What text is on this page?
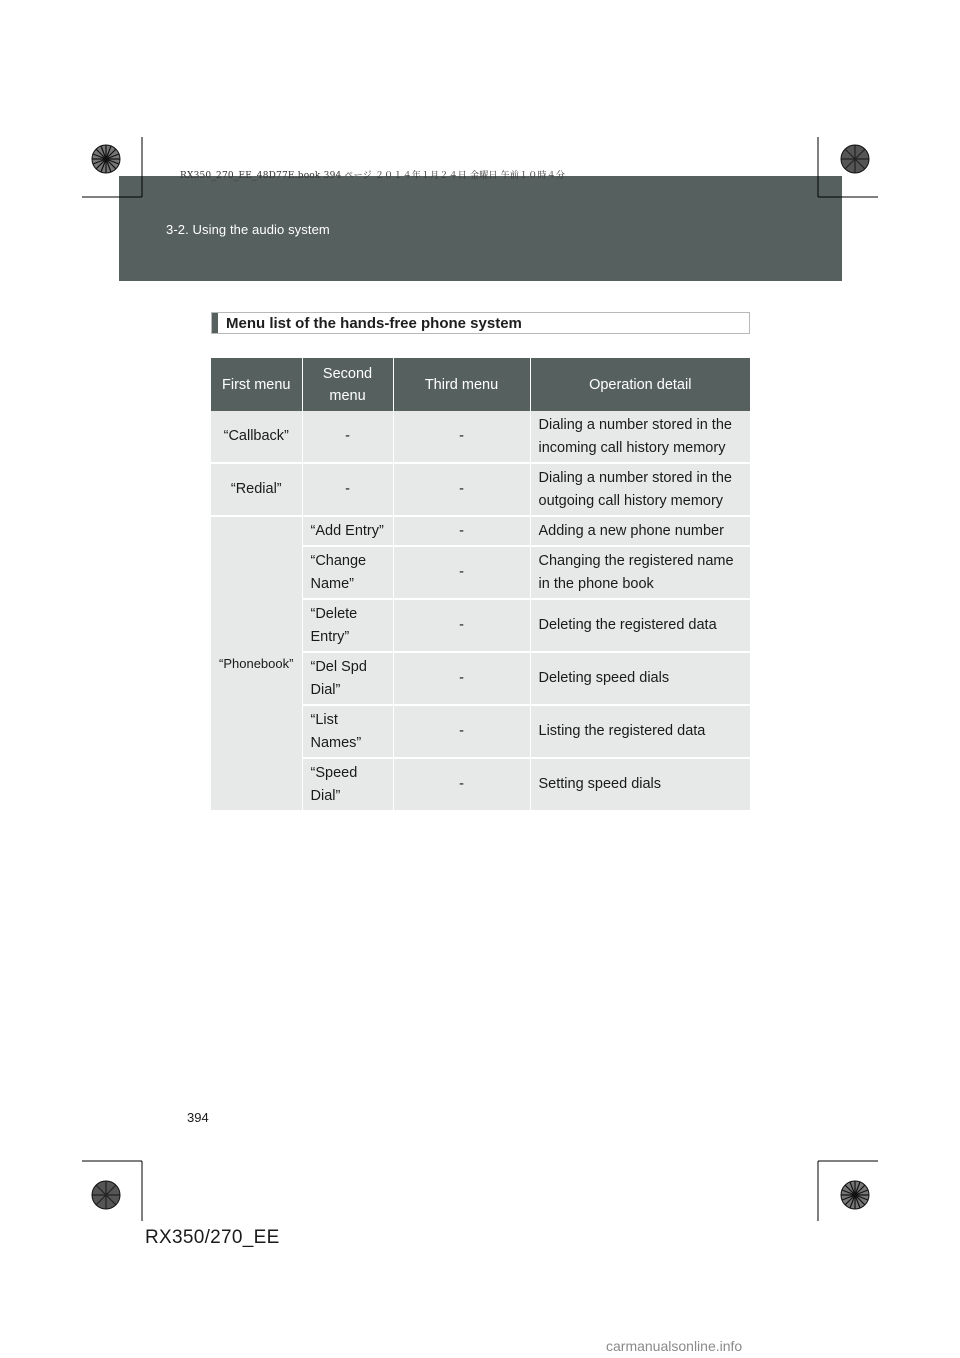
3-2. Using the audio system
RX350_270_EE_48D77E.book 394 ページ ２０１４年１月２４日 金曜日 午前１０時４分
Menu list of the hands-free phone system
First menu	Second menu	Third menu	Operation detail
“Callback”	-	-	Dialing a number stored in the incoming call history memory
“Redial”	-	-	Dialing a number stored in the outgoing call history memory
“Phonebook”	“Add Entry”	-	Adding a new phone number
	“Change Name”	-	Changing the registered name in the phone book
	“Delete Entry”	-	Deleting the registered data
	“Del Spd Dial”	-	Deleting speed dials
	“List Names”	-	Listing the registered data
	“Speed Dial”	-	Setting speed dials
394
RX350/270_EE
carmanualsonline.info
